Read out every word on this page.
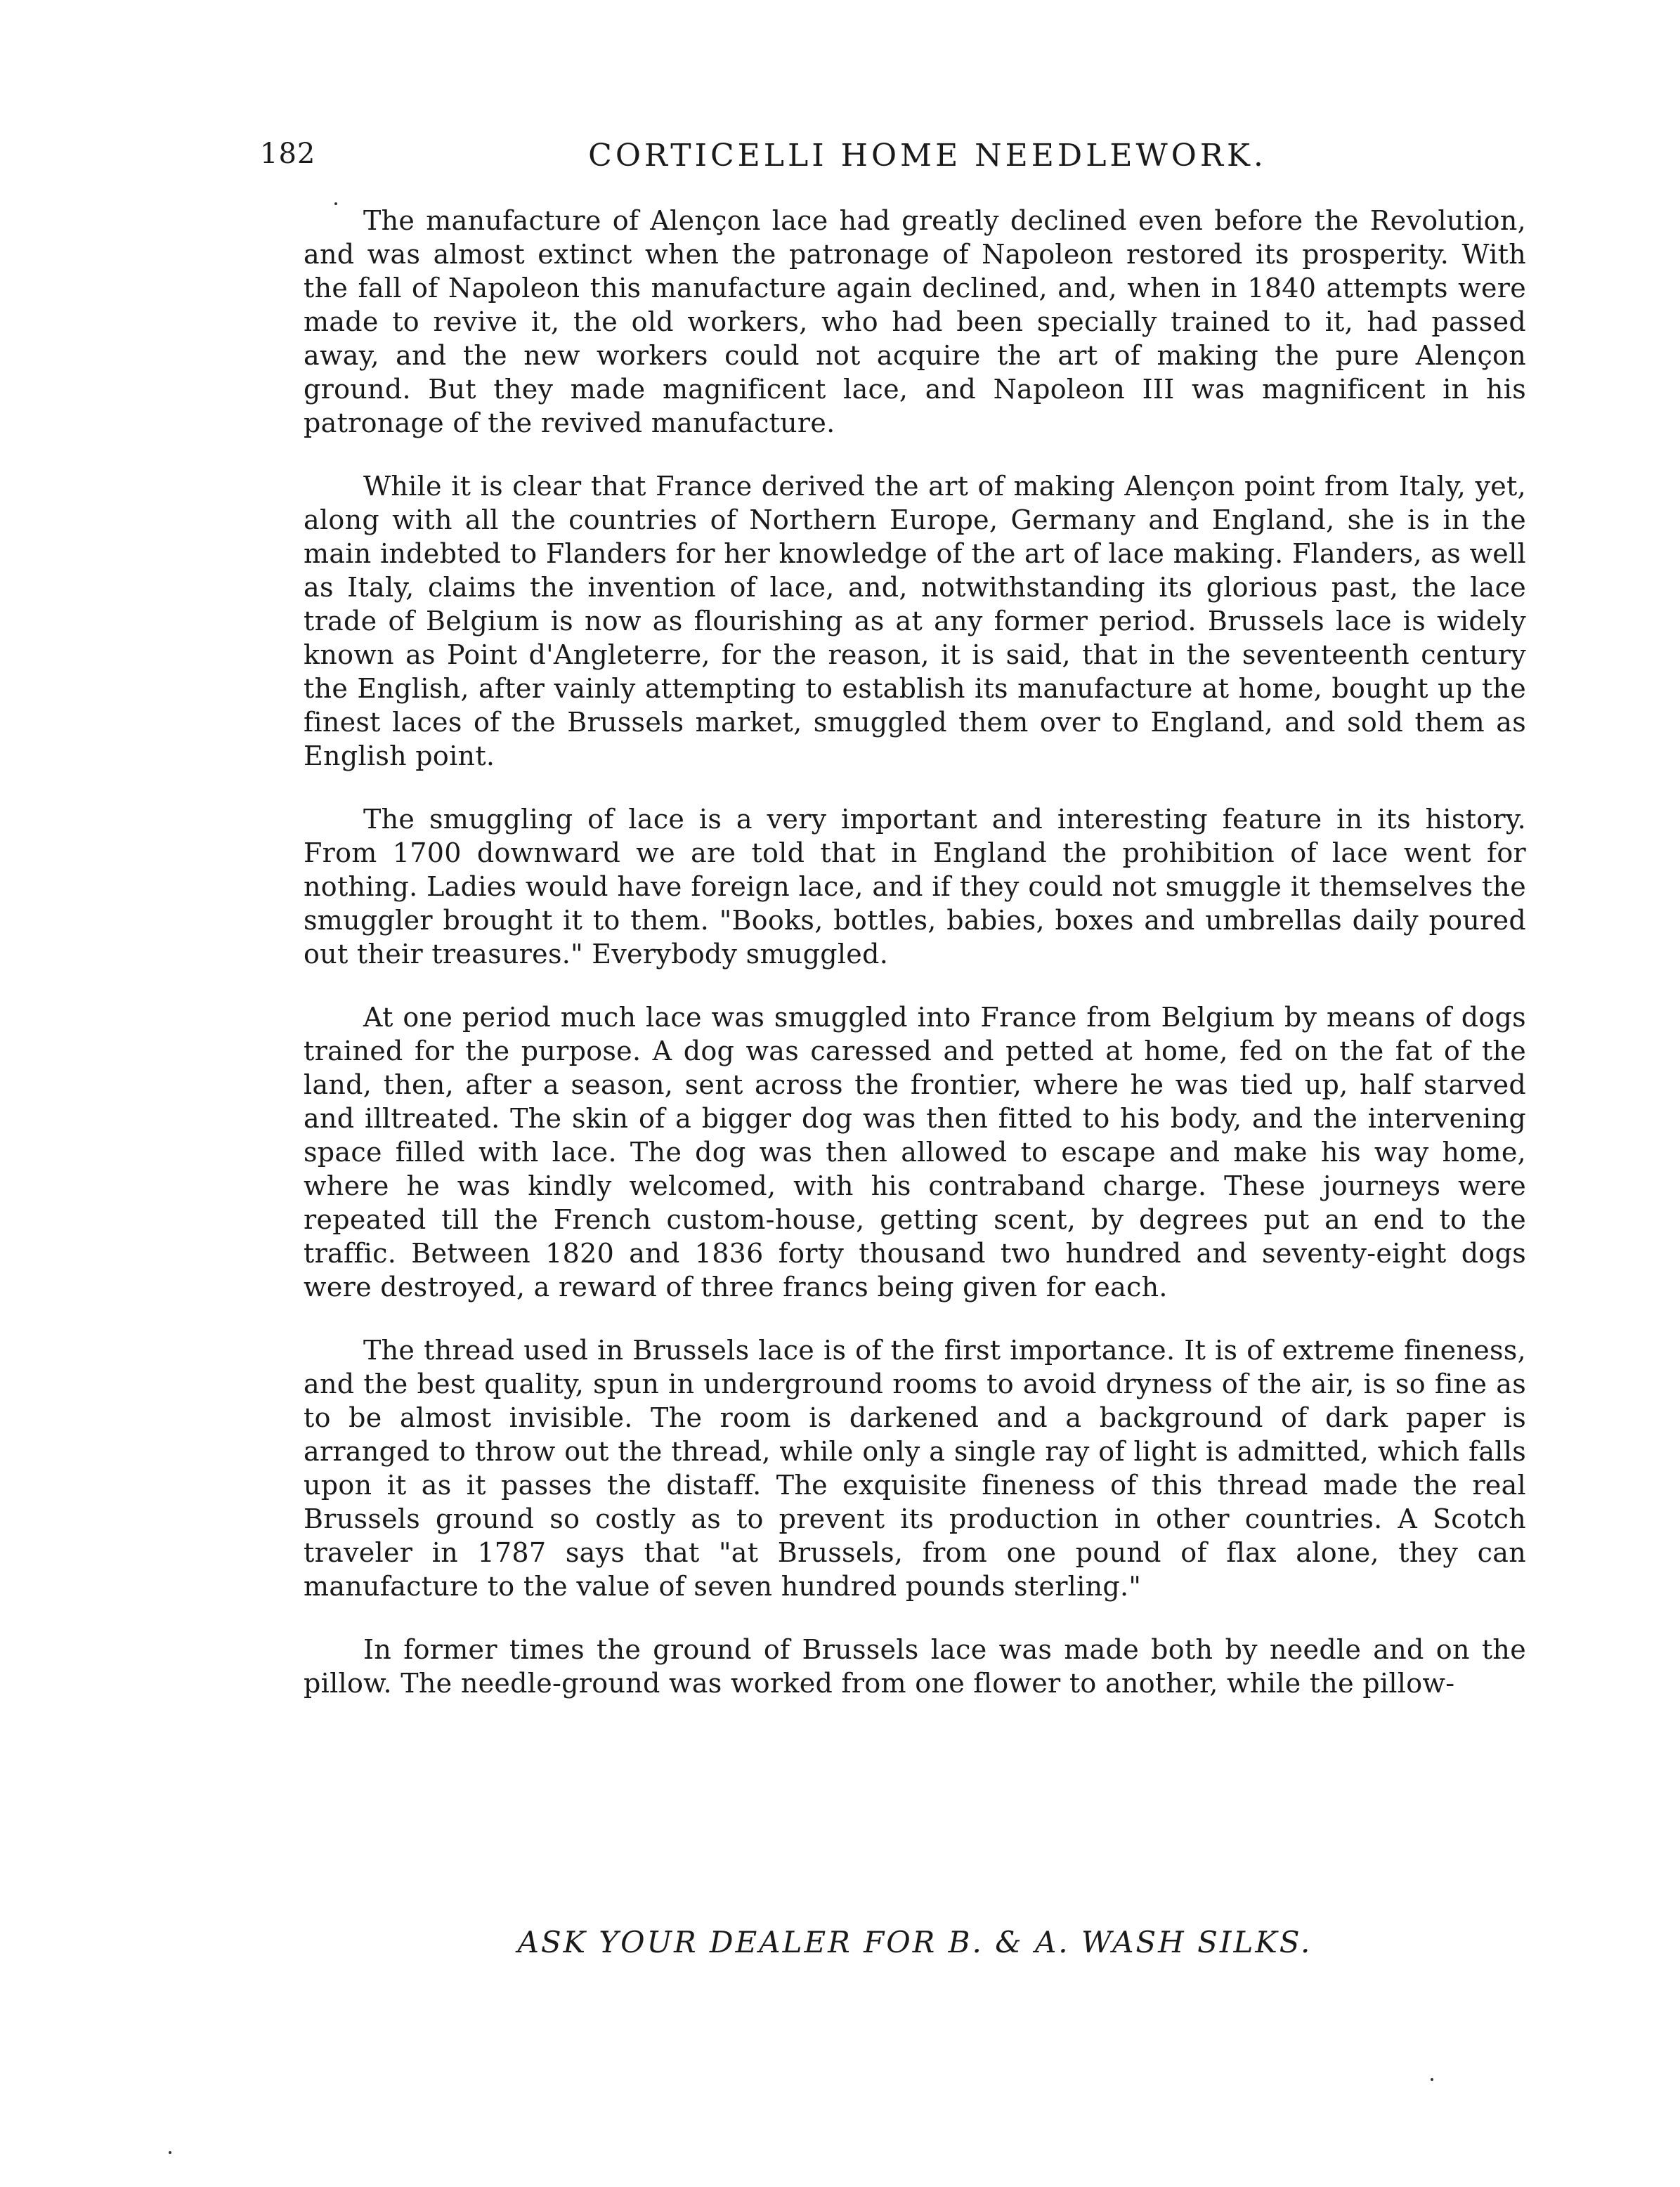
182	CORTICELLI HOME NEEDLEWORK.

The manufacture of Alençon lace had greatly declined even before the Revolution, and was almost extinct when the patronage of Napoleon restored its prosperity. With the fall of Napoleon this manufacture again declined, and, when in 1840 attempts were made to revive it, the old workers, who had been specially trained to it, had passed away, and the new workers could not acquire the art of making the pure Alençon ground. But they made magnificent lace, and Napoleon III was magnificent in his patronage of the revived manufacture.

While it is clear that France derived the art of making Alençon point from Italy, yet, along with all the countries of Northern Europe, Germany and England, she is in the main indebted to Flanders for her knowledge of the art of lace making. Flanders, as well as Italy, claims the invention of lace, and, notwithstanding its glorious past, the lace trade of Belgium is now as flourishing as at any former period. Brussels lace is widely known as Point d'Angleterre, for the reason, it is said, that in the seventeenth century the English, after vainly attempting to establish its manufacture at home, bought up the finest laces of the Brussels market, smuggled them over to England, and sold them as English point.

The smuggling of lace is a very important and interesting feature in its history. From 1700 downward we are told that in England the prohibition of lace went for nothing. Ladies would have foreign lace, and if they could not smuggle it themselves the smuggler brought it to them. "Books, bottles, babies, boxes and umbrellas daily poured out their treasures." Everybody smuggled.

At one period much lace was smuggled into France from Belgium by means of dogs trained for the purpose. A dog was caressed and petted at home, fed on the fat of the land, then, after a season, sent across the frontier, where he was tied up, half starved and illtreated. The skin of a bigger dog was then fitted to his body, and the intervening space filled with lace. The dog was then allowed to escape and make his way home, where he was kindly welcomed, with his contraband charge. These journeys were repeated till the French custom-house, getting scent, by degrees put an end to the traffic. Between 1820 and 1836 forty thousand two hundred and seventy-eight dogs were destroyed, a reward of three francs being given for each.

The thread used in Brussels lace is of the first importance. It is of extreme fineness, and the best quality, spun in underground rooms to avoid dryness of the air, is so fine as to be almost invisible. The room is darkened and a background of dark paper is arranged to throw out the thread, while only a single ray of light is admitted, which falls upon it as it passes the distaff. The exquisite fineness of this thread made the real Brussels ground so costly as to prevent its production in other countries. A Scotch traveler in 1787 says that "at Brussels, from one pound of flax alone, they can manufacture to the value of seven hundred pounds sterling."

In former times the ground of Brussels lace was made both by needle and on the pillow. The needle-ground was worked from one flower to another, while the pillow-

ASK YOUR DEALER FOR B. & A. WASH SILKS.
